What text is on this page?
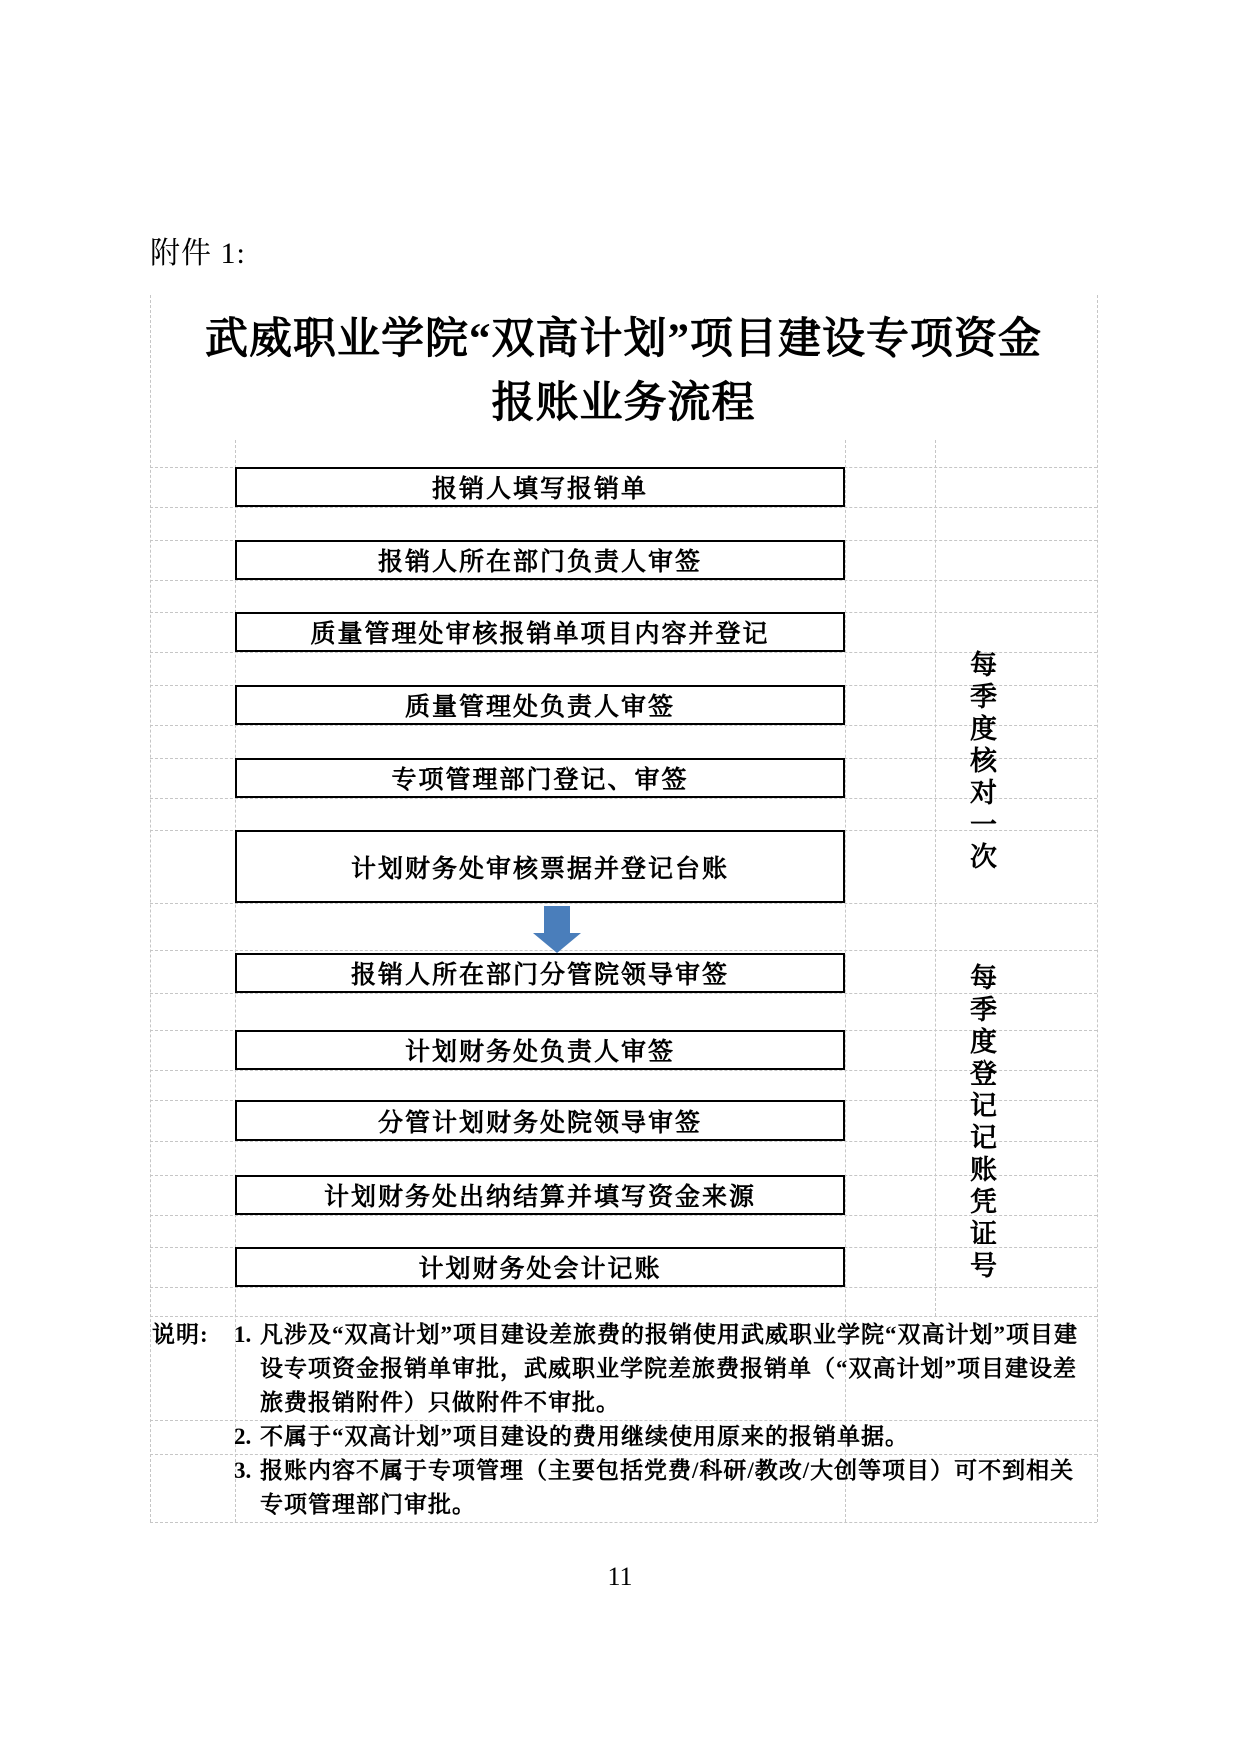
附件 1:
武威职业学院“双高计划”项目建设专项资金
报账业务流程
报销人填写报销单
报销人所在部门负责人审签
质量管理处审核报销单项目内容并登记
质量管理处负责人审签
专项管理部门登记、审签
计划财务处审核票据并登记台账
报销人所在部门分管院领导审签
计划财务处负责人审签
分管计划财务处院领导审签
计划财务处出纳结算并填写资金来源
计划财务处会计记账
每季度核对一次
每季度登记记账凭证号
说明:	1. 凡涉及“双高计划”项目建设差旅费的报销使用武威职业学院“双高计划”项目建设专项资金报销单审批，武威职业学院差旅费报销单（“双高计划”项目建设差旅费报销附件）只做附件不审批。
2. 不属于“双高计划”项目建设的费用继续使用原来的报销单据。
3. 报账内容不属于专项管理（主要包括党费/科研/教改/大创等项目）可不到相关专项管理部门审批。
11
